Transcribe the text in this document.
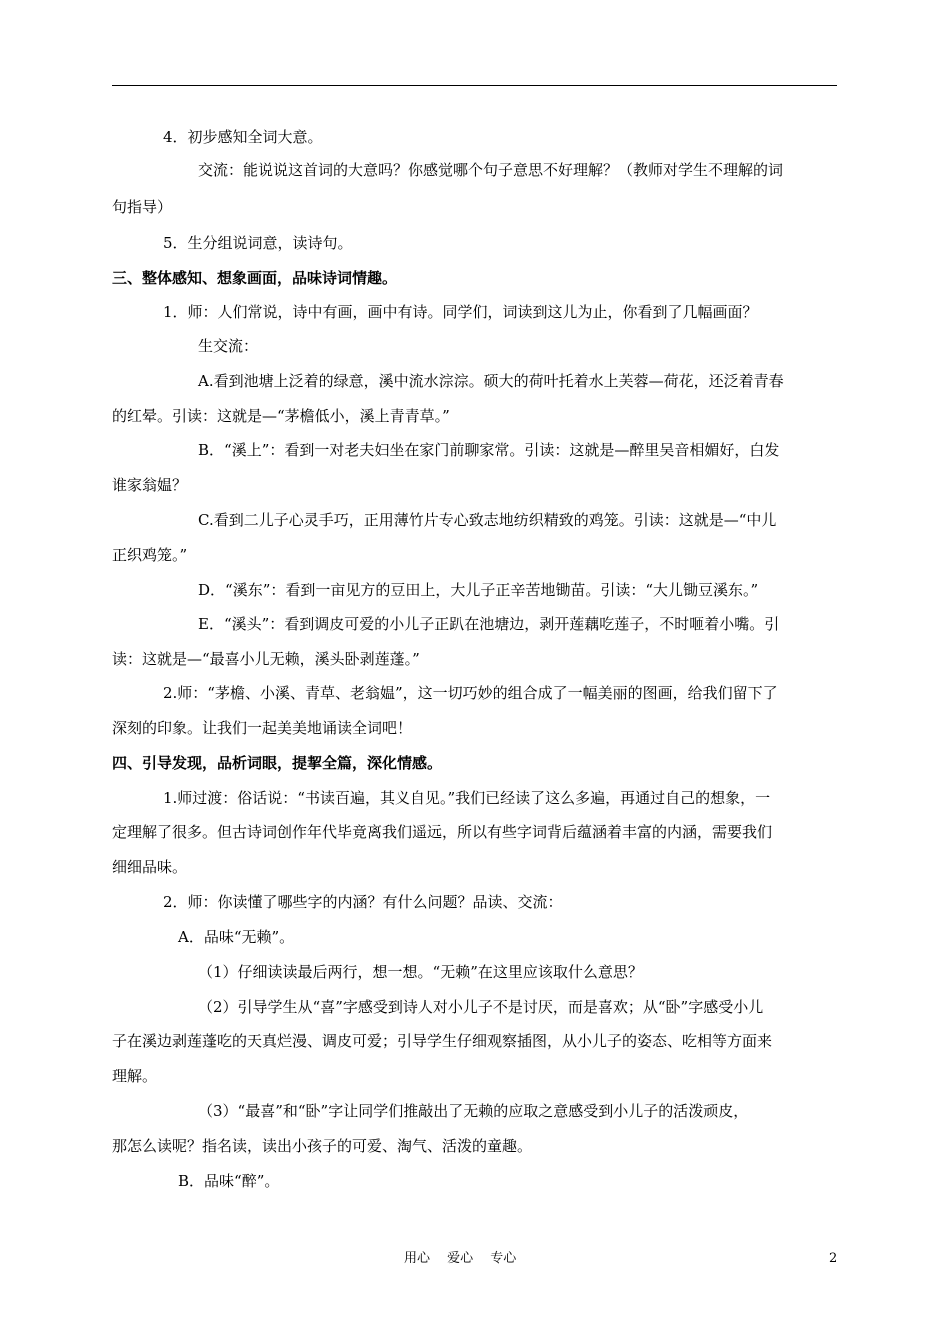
4．初步感知全词大意。
交流：能说说这首词的大意吗？你感觉哪个句子意思不好理解？（教师对学生不理解的词
句指导）
5．生分组说词意，读诗句。
三、整体感知、想象画面，品味诗词情趣。
1．师：人们常说，诗中有画，画中有诗。同学们，词读到这儿为止，你看到了几幅画面？
生交流：
A.看到池塘上泛着的绿意，溪中流水淙淙。硕大的荷叶托着水上芙蓉—荷花，还泛着青春
的红晕。引读：这就是—“茅檐低小，溪上青青草。”
B．“溪上”：看到一对老夫妇坐在家门前聊家常。引读：这就是—醉里吴音相媚好，白发
谁家翁媪？
C.看到二儿子心灵手巧，正用薄竹片专心致志地纺织精致的鸡笼。引读：这就是—“中儿
正织鸡笼。”
D．“溪东”：看到一亩见方的豆田上，大儿子正辛苦地锄苗。引读：“大儿锄豆溪东。”
E．“溪头”：看到调皮可爱的小儿子正趴在池塘边，剥开莲藕吃莲子，不时咂着小嘴。引
读：这就是—“最喜小儿无赖，溪头卧剥莲蓬。”
2.师：“茅檐、小溪、青草、老翁媪”，这一切巧妙的组合成了一幅美丽的图画，给我们留下了
深刻的印象。让我们一起美美地诵读全词吧！
四、引导发现，品析词眼，提挈全篇，深化情感。
1.师过渡：俗话说：“书读百遍，其义自见。”我们已经读了这么多遍，再通过自己的想象，一
定理解了很多。但古诗词创作年代毕竟离我们遥远，所以有些字词背后蕴涵着丰富的内涵，需要我们
细细品味。
2．师：你读懂了哪些字的内涵？有什么问题？品读、交流：
A．品味“无赖”。
（1）仔细读读最后两行，想一想。“无赖”在这里应该取什么意思？
（2）引导学生从“喜”字感受到诗人对小儿子不是讨厌，而是喜欢；从“卧”字感受小儿
子在溪边剥莲蓬吃的天真烂漫、调皮可爱；引导学生仔细观察插图，从小儿子的姿态、吃相等方面来
理解。
（3）“最喜”和“卧”字让同学们推敲出了无赖的应取之意感受到小儿子的活泼顽皮，
那怎么读呢？指名读，读出小孩子的可爱、淘气、活泼的童趣。
B．品味“醉”。
用心　 爱心　 专心	2
